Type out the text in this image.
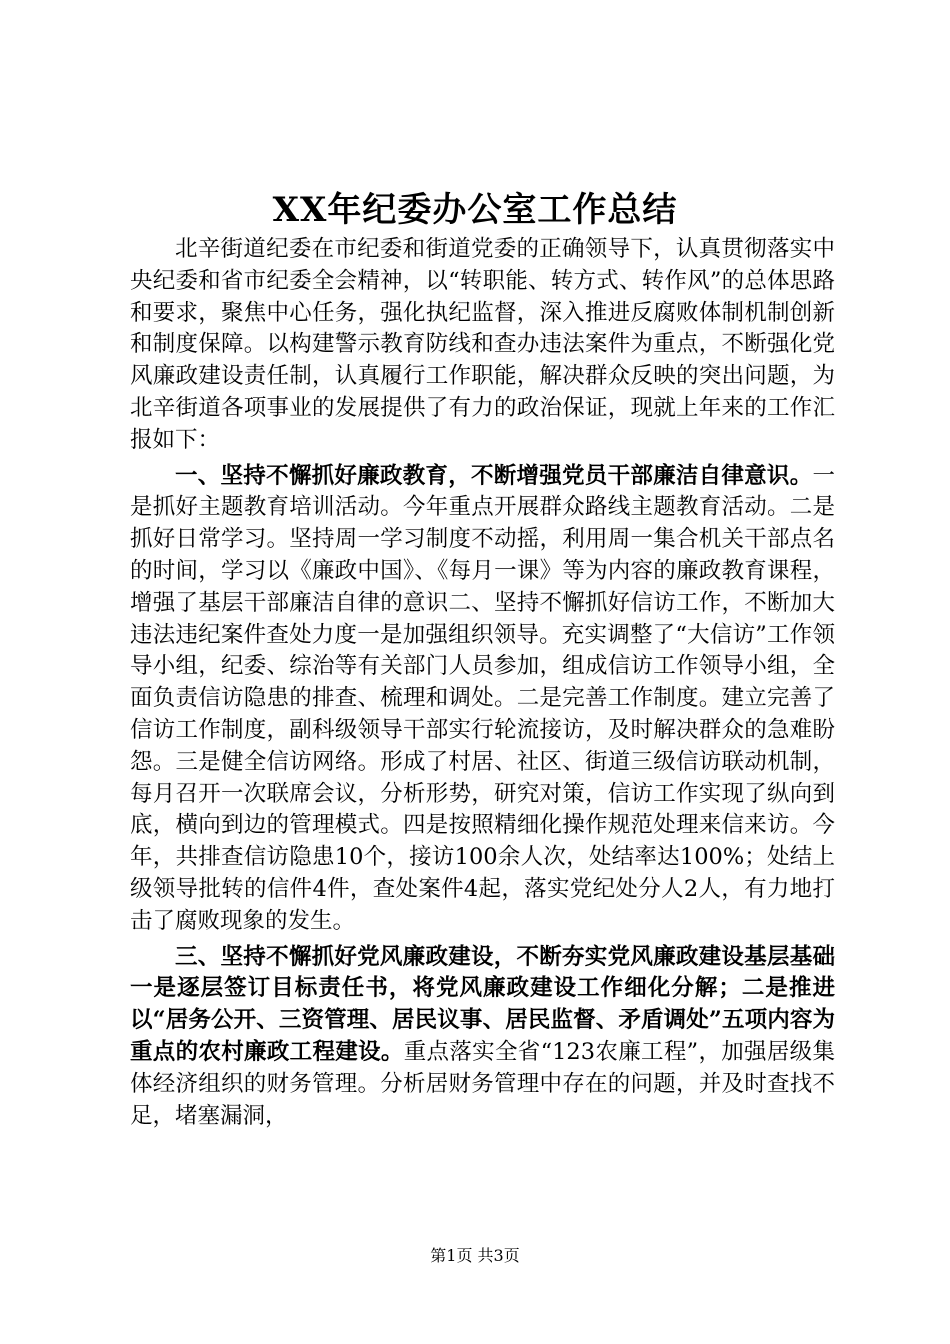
XX年纪委办公室工作总结

北辛街道纪委在市纪委和街道党委的正确领导下，认真贯彻落实中央纪委和省市纪委全会精神，以“转职能、转方式、转作风”的总体思路和要求，聚焦中心任务，强化执纪监督，深入推进反腐败体制机制创新和制度保障。以构建警示教育防线和查办违法案件为重点，不断强化党风廉政建设责任制，认真履行工作职能，解决群众反映的突出问题，为北辛街道各项事业的发展提供了有力的政治保证，现就上年来的工作汇报如下：

一、坚持不懈抓好廉政教育，不断增强党员干部廉洁自律意识。一是抓好主题教育培训活动。今年重点开展群众路线主题教育活动。二是抓好日常学习。坚持周一学习制度不动摇，利用周一集合机关干部点名的时间，学习以《廉政中国》、《每月一课》等为内容的廉政教育课程，增强了基层干部廉洁自律的意识二、坚持不懈抓好信访工作，不断加大违法违纪案件查处力度一是加强组织领导。充实调整了“大信访”工作领导小组，纪委、综治等有关部门人员参加，组成信访工作领导小组，全面负责信访隐患的排查、梳理和调处。二是完善工作制度。建立完善了信访工作制度，副科级领导干部实行轮流接访，及时解决群众的急难盼怨。三是健全信访网络。形成了村居、社区、街道三级信访联动机制，每月召开一次联席会议，分析形势，研究对策，信访工作实现了纵向到底，横向到边的管理模式。四是按照精细化操作规范处理来信来访。今年，共排查信访隐患10个，接访100余人次，处结率达100%；处结上级领导批转的信件4件，查处案件4起，落实党纪处分人2人，有力地打击了腐败现象的发生。

三、坚持不懈抓好党风廉政建设，不断夯实党风廉政建设基层基础一是逐层签订目标责任书，将党风廉政建设工作细化分解；二是推进以“居务公开、三资管理、居民议事、居民监督、矛盾调处”五项内容为重点的农村廉政工程建设。重点落实全省“123农廉工程”，加强居级集体经济组织的财务管理。分析居财务管理中存在的问题，并及时查找不足，堵塞漏洞，

第1页 共3页
